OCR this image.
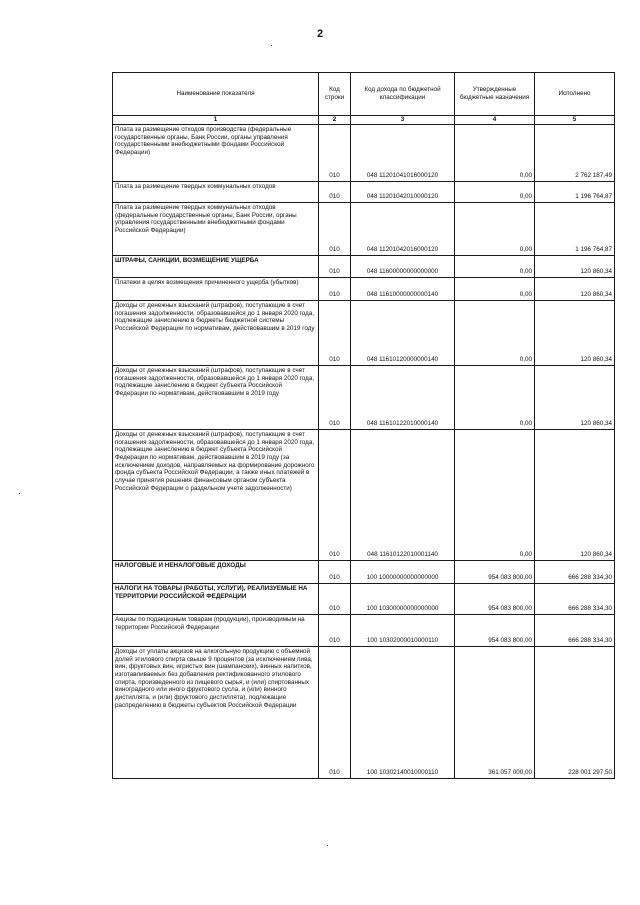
2
Наименование показателя	Код строки	Код дохода по бюджетной классификации	Утвержденные бюджетные назначения	Исполнено
1	2	3	4	5
Плата за размещение отходов производства (федеральные государственные органы, Банк России, органы управления государственными внебюджетными фондами Российской Федерации)	010	048 11201041016000120	0,00	2 762 187,49
Плата за размещение твердых коммунальных отходов	010	048 11201042010000120	0,00	1 196 764,87
Плата за размещение твердых коммунальных отходов (федеральные государственные органы, Банк России, органы управления государственными внебюджетными фондами Российской Федерации)	010	048 11201042016000120	0,00	1 196 764,87
ШТРАФЫ, САНКЦИИ, ВОЗМЕЩЕНИЕ УЩЕРБА	010	048 11600000000000000	0,00	120 860,34
Платежи в целях возмещения причиненного ущерба (убытков)	010	048 11610000000000140	0,00	120 860,34
Доходы от денежных взысканий (штрафов), поступающие в счет погашения задолженности, образовавшейся до 1 января 2020 года, подлежащие зачислению в бюджеты бюджетной системы Российской Федерации по нормативам, действовавшим в 2019 году	010	048 11610120000000140	0,00	120 860,34
Доходы от денежных взысканий (штрафов), поступающие в счет погашения задолженности, образовавшейся до 1 января 2020 года, подлежащие зачислению в бюджет субъекта Российской Федерации по нормативам, действовавшим в 2019 году	010	048 11610122010000140	0,00	120 860,34
Доходы от денежных взысканий (штрафов), поступающие в счет погашения задолженности, образовавшейся до 1 января 2020 года, подлежащие зачислению в бюджет субъекта Российской Федерации по нормативам, действовавшим в 2019 году (за исключением доходов, направляемых на формирование дорожного фонда субъекта Российской Федерации, а также иных платежей в случае принятия решения финансовым органом субъекта Российской Федерации о раздельном учете задолженности)	010	048 11610122010001140	0,00	120 860,34
НАЛОГОВЫЕ И НЕНАЛОГОВЫЕ ДОХОДЫ	010	100 10000000000000000	954 083 800,00	666 288 334,30
НАЛОГИ НА ТОВАРЫ (РАБОТЫ, УСЛУГИ), РЕАЛИЗУЕМЫЕ НА ТЕРРИТОРИИ РОССИЙСКОЙ ФЕДЕРАЦИИ	010	100 10300000000000000	954 083 800,00	666 288 334,30
Акцизы по подакцизным товарам (продукции), производимым на территории Российской Федерации	010	100 10302000010000110	954 083 800,00	666 288 334,30
Доходы от уплаты акцизов на алкогольную продукцию с объемной долей этилового спирта свыше 9 процентов (за исключением пива, вин, фруктовых вин, игристых вин (шампанских), винных напитков, изготавливаемых без добавления ректификованного этилового спирта, произведенного из пищевого сырья, и (или) спиртованных виноградного или иного фруктового сусла, и (или) винного дистиллята, и (или) фруктового дистиллята), подлежащие распределению в бюджеты субъектов Российской Федерации	010	100 10302140010000110	361 057 000,00	228 001 297,50
·
·
·
